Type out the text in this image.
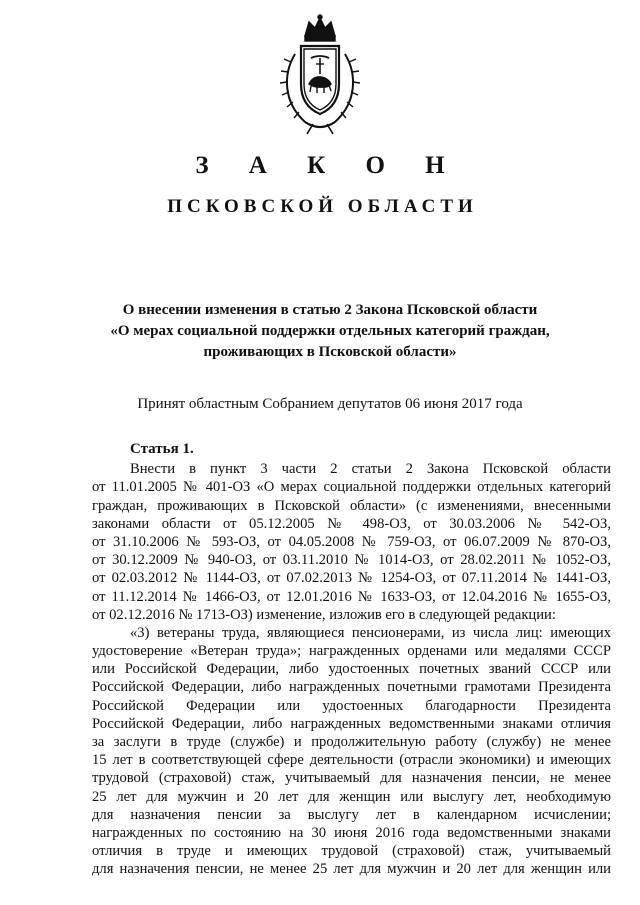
З А К О Н
ПСКОВСКОЙ ОБЛАСТИ
О внесении изменения в статью 2 Закона Псковской области
«О мерах социальной поддержки отдельных категорий граждан,
проживающих в Псковской области»
Принят областным Собранием депутатов 06 июня 2017 года
Статья 1.
Внести в пункт 3 части 2 статьи 2 Закона Псковской области
от 11.01.2005 № 401-ОЗ «О мерах социальной поддержки отдельных категорий
граждан, проживающих в Псковской области» (с изменениями, внесенными
законами области от 05.12.2005 № 498-ОЗ, от 30.03.2006 № 542-ОЗ,
от 31.10.2006 № 593-ОЗ, от 04.05.2008 № 759-ОЗ, от 06.07.2009 № 870-ОЗ,
от 30.12.2009 № 940-ОЗ, от 03.11.2010 № 1014-ОЗ, от 28.02.2011 № 1052-ОЗ,
от 02.03.2012 № 1144-ОЗ, от 07.02.2013 № 1254-ОЗ, от 07.11.2014 № 1441-ОЗ,
от 11.12.2014 № 1466-ОЗ, от 12.01.2016 № 1633-ОЗ, от 12.04.2016 № 1655-ОЗ,
от 02.12.2016 № 1713-ОЗ) изменение, изложив его в следующей редакции:
«3) ветераны труда, являющиеся пенсионерами, из числа лиц: имеющих
удостоверение «Ветеран труда»; награжденных орденами или медалями СССР
или Российской Федерации, либо удостоенных почетных званий СССР или
Российской Федерации, либо награжденных почетными грамотами Президента
Российской Федерации или удостоенных благодарности Президента
Российской Федерации, либо награжденных ведомственными знаками отличия
за заслуги в труде (службе) и продолжительную работу (службу) не менее
15 лет в соответствующей сфере деятельности (отрасли экономики) и имеющих
трудовой (страховой) стаж, учитываемый для назначения пенсии, не менее
25 лет для мужчин и 20 лет для женщин или выслугу лет, необходимую
для назначения пенсии за выслугу лет в календарном исчислении;
награжденных по состоянию на 30 июня 2016 года ведомственными знаками
отличия в труде и имеющих трудовой (страховой) стаж, учитываемый
для назначения пенсии, не менее 25 лет для мужчин и 20 лет для женщин или
